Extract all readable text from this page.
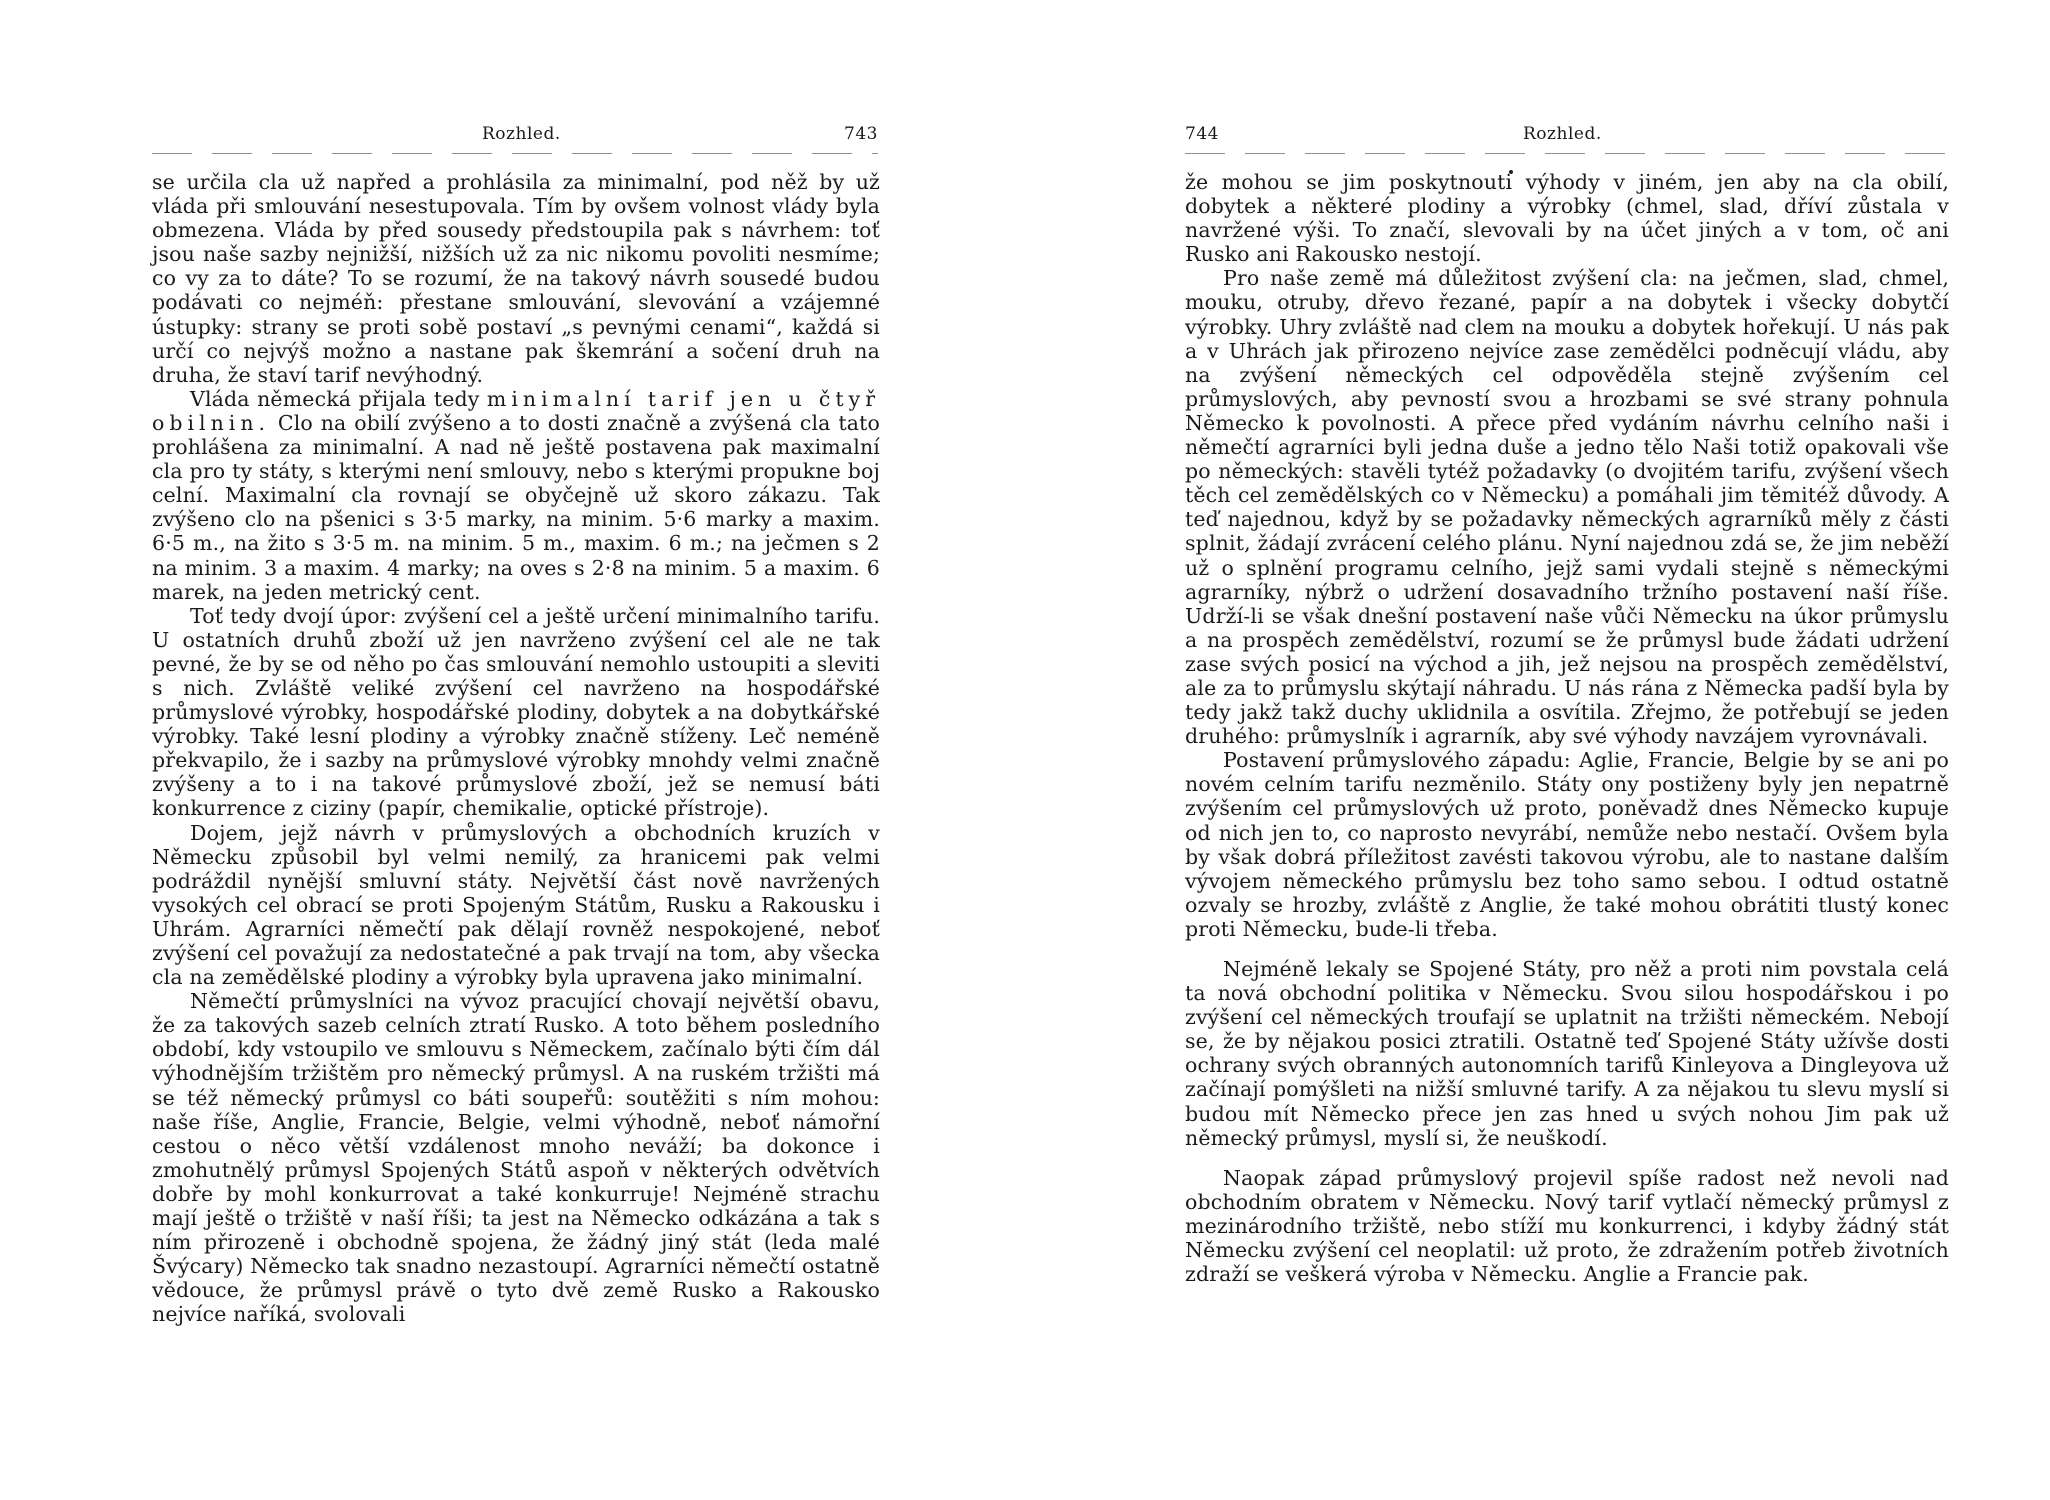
Rozhled.	743

se určila cla už napřed a prohlásila za minimalní, pod něž by už vláda při smlouvání nesestupovala. Tím by ovšem volnost vlády byla obmezena. Vláda by před sousedy předstoupila pak s návrhem: toť jsou naše sazby nejnižší, nižších už za nic nikomu povoliti nesmíme; co vy za to dáte? To se rozumí, že na takový návrh sousedé budou podávati co nejméň: přestane smlouvání, slevování a vzájemné ústupky: strany se proti sobě postaví „s pevnými cenami“, každá si určí co nejvýš možno a nastane pak škemrání a sočení druh na druha, že staví tarif nevýhodný.

Vláda německá přijala tedy minimalní tarif jen u čtyř obilnin. Clo na obilí zvýšeno a to dosti značně a zvýšená cla tato prohlášena za minimalní. A nad ně ještě postavena pak maximalní cla pro ty státy, s kterými není smlouvy, nebo s kterými propukne boj celní. Maximalní cla rovnají se obyčejně už skoro zákazu. Tak zvýšeno clo na pšenici s 3·5 marky, na minim. 5·6 marky a maxim. 6·5 m., na žito s 3·5 m. na minim. 5 m., maxim. 6 m.; na ječmen s 2 na minim. 3 a maxim. 4 marky; na oves s 2·8 na minim. 5 a maxim. 6 marek, na jeden metrický cent.

Toť tedy dvojí úpor: zvýšení cel a ještě určení minimalního tarifu. U ostatních druhů zboží už jen navrženo zvýšení cel ale ne tak pevné, že by se od něho po čas smlouvání nemohlo ustoupiti a sleviti s nich. Zvláště veliké zvýšení cel navrženo na hospodářské průmyslové výrobky, hospodářské plodiny, dobytek a na dobytkářské výrobky. Také lesní plodiny a výrobky značně stíženy. Leč neméně překvapilo, že i sazby na průmyslové výrobky mnohdy velmi značně zvýšeny a to i na takové průmyslové zboží, jež se nemusí báti konkurrence z ciziny (papír, chemikalie, optické přístroje).

Dojem, jejž návrh v průmyslových a obchodních kruzích v Německu způsobil byl velmi nemilý, za hranicemi pak velmi podráždil nynější smluvní státy. Největší část nově navržených vysokých cel obrací se proti Spojeným Státům, Rusku a Rakousku i Uhrám. Agrarníci němečtí pak dělají rovněž nespokojené, neboť zvýšení cel považují za nedostatečné a pak trvají na tom, aby všecka cla na zemědělské plodiny a výrobky byla upravena jako minimalní.

Němečtí průmyslníci na vývoz pracující chovají největší obavu, že za takových sazeb celních ztratí Rusko. A toto během posledního období, kdy vstoupilo ve smlouvu s Německem, začínalo býti čím dál výhodnějším tržištěm pro německý průmysl. A na ruském tržišti má se též německý průmysl co báti soupeřů: soutěžiti s ním mohou: naše říše, Anglie, Francie, Belgie, velmi výhodně, neboť námořní cestou o něco větší vzdálenost mnoho neváží; ba dokonce i zmohutnělý průmysl Spojených Států aspoň v některých odvětvích dobře by mohl konkurrovat a také konkurruje! Nejméně strachu mají ještě o tržiště v naší říši; ta jest na Německo odkázána a tak s ním přirozeně i obchodně spojena, že žádný jiný stát (leda malé Švýcary) Německo tak snadno nezastoupí. Agrarníci němečtí ostatně vědouce, že průmysl právě o tyto dvě země Rusko a Rakousko nejvíce naříká, svolovali

744	Rozhled.

že mohou se jim poskytnouti výhody v jiném, jen aby na cla obilí, dobytek a některé plodiny a výrobky (chmel, slad, dříví zůstala v navržené výši. To značí, slevovali by na účet jiných a v tom, oč ani Rusko ani Rakousko nestojí.

Pro naše země má důležitost zvýšení cla: na ječmen, slad, chmel, mouku, otruby, dřevo řezané, papír a na dobytek i všecky dobytčí výrobky. Uhry zvláště nad clem na mouku a dobytek hořekují. U nás pak a v Uhrách jak přirozeno nejvíce zase zemědělci podněcují vládu, aby na zvýšení německých cel odpověděla stejně zvýšením cel průmyslových, aby pevností svou a hrozbami se své strany pohnula Německo k povolnosti. A přece před vydáním návrhu celního naši i němečtí agrarníci byli jedna duše a jedno tělo Naši totiž opakovali vše po německých: stavěli tytéž požadavky (o dvojitém tarifu, zvýšení všech těch cel zemědělských co v Německu) a pomáhali jim těmitéž důvody. A teď najednou, když by se požadavky německých agrarníků měly z části splnit, žádají zvrácení celého plánu. Nyní najednou zdá se, že jim neběží už o splnění programu celního, jejž sami vydali stejně s německými agrarníky, nýbrž o udržení dosavadního tržního postavení naší říše. Udrží-li se však dnešní postavení naše vůči Německu na úkor průmyslu a na prospěch zemědělství, rozumí se že průmysl bude žádati udržení zase svých posicí na východ a jih, jež nejsou na prospěch zemědělství, ale za to průmyslu skýtají náhradu. U nás rána z Německa padší byla by tedy jakž takž duchy uklidnila a osvítila. Zřejmo, že potřebují se jeden druhého: průmyslník i agrarník, aby své výhody navzájem vyrovnávali.

Postavení průmyslového západu: Aglie, Francie, Belgie by se ani po novém celním tarifu nezměnilo. Státy ony postiženy byly jen nepatrně zvýšením cel průmyslových už proto, poněvadž dnes Německo kupuje od nich jen to, co naprosto nevyrábí, nemůže nebo nestačí. Ovšem byla by však dobrá příležitost zavésti takovou výrobu, ale to nastane dalším vývojem německého průmyslu bez toho samo sebou. I odtud ostatně ozvaly se hrozby, zvláště z Anglie, že také mohou obrátiti tlustý konec proti Německu, bude-li třeba.

Nejméně lekaly se Spojené Státy, pro něž a proti nim povstala celá ta nová obchodní politika v Německu. Svou silou hospodářskou i po zvýšení cel německých troufají se uplatnit na tržišti německém. Nebojí se, že by nějakou posici ztratili. Ostatně teď Spojené Státy užívše dosti ochrany svých obranných autonomních tarifů Kinleyova a Dingleyova už začínají pomýšleti na nižší smluvné tarify. A za nějakou tu slevu myslí si budou mít Německo přece jen zas hned u svých nohou Jim pak už německý průmysl, myslí si, že neuškodí.

Naopak západ průmyslový projevil spíše radost než nevoli nad obchodním obratem v Německu. Nový tarif vytlačí německý průmysl z mezinárodního tržiště, nebo stíží mu konkurrenci, i kdyby žádný stát Německu zvýšení cel neoplatil: už proto, že zdražením potřeb životních zdraží se veškerá výroba v Německu. Anglie a Francie pak.
